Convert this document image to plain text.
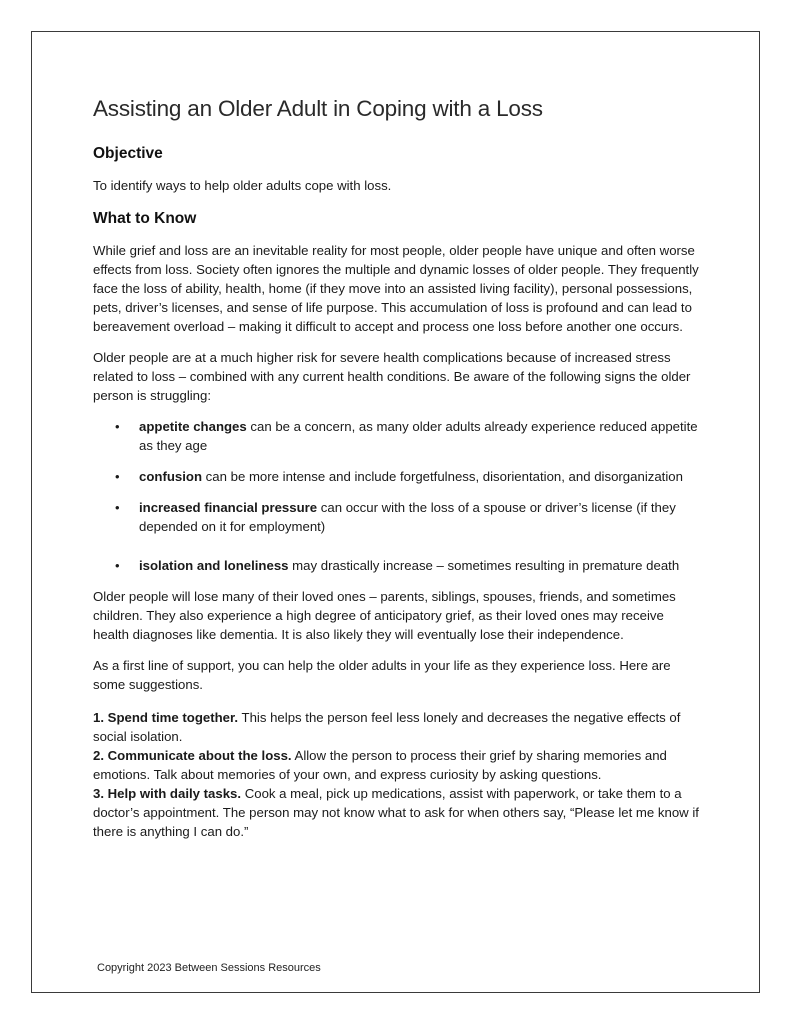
Assisting an Older Adult in Coping with a Loss
Objective

To identify ways to help older adults cope with loss.

What to Know

While grief and loss are an inevitable reality for most people, older people have unique and often worse effects from loss. Society often ignores the multiple and dynamic losses of older people. They frequently face the loss of ability, health, home (if they move into an assisted living facility), personal possessions, pets, driver’s licenses, and sense of life purpose. This accumulation of loss is profound and can lead to bereavement overload – making it difficult to accept and process one loss before another one occurs.

Older people are at a much higher risk for severe health complications because of increased stress related to loss – combined with any current health conditions. Be aware of the following signs the older person is struggling:

• appetite changes can be a concern, as many older adults already experience reduced appetite as they age
• confusion can be more intense and include forgetfulness, disorientation, and disorganization
• increased financial pressure can occur with the loss of a spouse or driver’s license (if they depended on it for employment)
• isolation and loneliness may drastically increase – sometimes resulting in premature death

Older people will lose many of their loved ones – parents, siblings, spouses, friends, and sometimes children. They also experience a high degree of anticipatory grief, as their loved ones may receive health diagnoses like dementia. It is also likely they will eventually lose their independence.

As a first line of support, you can help the older adults in your life as they experience loss. Here are some suggestions.

1. Spend time together. This helps the person feel less lonely and decreases the negative effects of social isolation.

2. Communicate about the loss. Allow the person to process their grief by sharing memories and emotions. Talk about memories of your own, and express curiosity by asking questions.

3. Help with daily tasks. Cook a meal, pick up medications, assist with paperwork, or take them to a doctor’s appointment. The person may not know what to ask for when others say, “Please let me know if there is anything I can do.”

Copyright 2023 Between Sessions Resources
